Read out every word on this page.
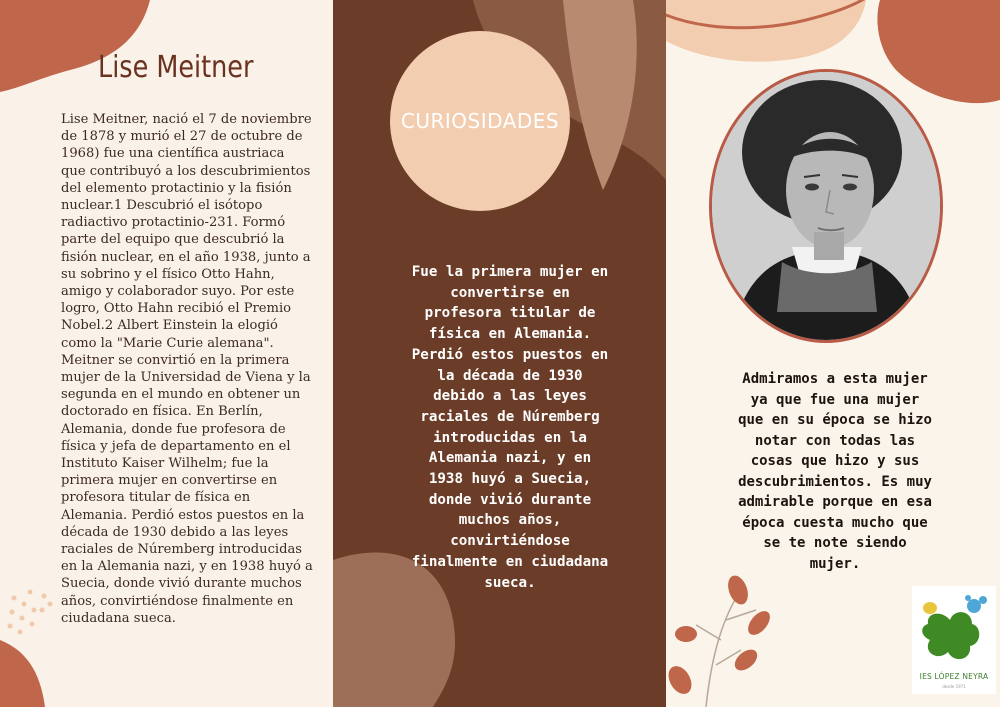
Lise Meitner

Lise Meitner, nació el 7 de noviembre de 1878 y murió el 27 de octubre de 1968) fue una científica austriaca que contribuyó a los descubrimientos del elemento protactinio y la fisión nuclear.1 Descubrió el isótopo radiactivo protactinio-231. Formó parte del equipo que descubrió la fisión nuclear, en el año 1938, junto a su sobrino y el físico Otto Hahn, amigo y colaborador suyo. Por este logro, Otto Hahn recibió el Premio Nobel.2 Albert Einstein la elogió como la "Marie Curie alemana". Meitner se convirtió en la primera mujer de la Universidad de Viena y la segunda en el mundo en obtener un doctorado en física. En Berlín, Alemania, donde fue profesora de física y jefa de departamento en el Instituto Kaiser Wilhelm; fue la primera mujer en convertirse en profesora titular de física en Alemania. Perdió estos puestos en la década de 1930 debido a las leyes raciales de Núremberg introducidas en la Alemania nazi, y en 1938 huyó a Suecia, donde vivió durante muchos años, convirtiéndose finalmente en ciudadana sueca.

CURIOSIDADES

Fue la primera mujer en convertirse en profesora titular de física en Alemania. Perdió estos puestos en la década de 1930 debido a las leyes raciales de Núremberg introducidas en la Alemania nazi, y en 1938 huyó a Suecia, donde vivió durante muchos años, convirtiéndose finalmente en ciudadana sueca.

Admiramos a esta mujer ya que fue una mujer que en su época se hizo notar con todas las cosas que hizo y sus descubrimientos. Es muy admirable porque en esa época cuesta mucho que se te note siendo mujer.

IES LÓPEZ NEYRA
desde 1971
